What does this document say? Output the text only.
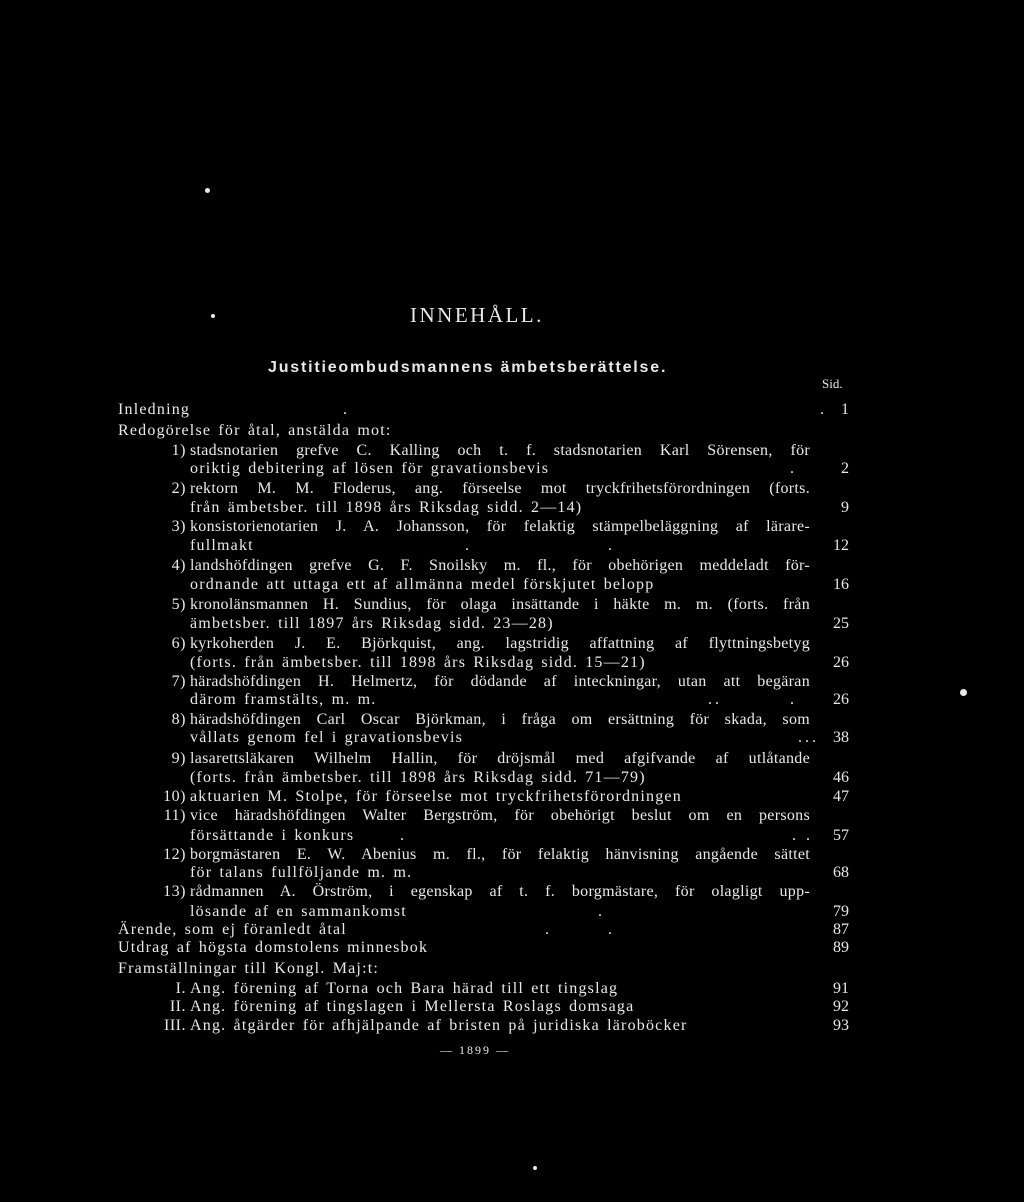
INNEHÅLL.
Justitieombudsmannens ämbetsberättelse.
Sid.
Inledning	.	. 1
Redogörelse för åtal, anstälda mot:
1) stadsnotarien grefve C. Kalling och t. f. stadsnotarien Karl Sörensen, för
oriktig debitering af lösen för gravationsbevis	.	2
2) rektorn M. M. Floderus, ang. förseelse mot tryckfrihetsförordningen (forts.
från ämbetsber. till 1898 års Riksdag sidd. 2—14)	9
3) konsistorienotarien J. A. Johansson, för felaktig stämpelbeläggning af lärare-
fullmakt	.	.	12
4) landshöfdingen grefve G. F. Snoilsky m. fl., för obehörigen meddeladt för-
ordnande att uttaga ett af allmänna medel förskjutet belopp	16
5) kronolänsmannen H. Sundius, för olaga insättande i häkte m. m. (forts. från
ämbetsber. till 1897 års Riksdag sidd. 23—28)	25
6) kyrkoherden J. E. Björkquist, ang. lagstridig affattning af flyttningsbetyg
(forts. från ämbetsber. till 1898 års Riksdag sidd. 15—21)	26
7) häradshöfdingen H. Helmertz, för dödande af inteckningar, utan att begäran
därom framstälts, m. m.	..	. 26
8) häradshöfdingen Carl Oscar Björkman, i fråga om ersättning för skada, som
vållats genom fel i gravationsbevis	... 38
9) lasarettsläkaren Wilhelm Hallin, för dröjsmål med afgifvande af utlåtande
(forts. från ämbetsber. till 1898 års Riksdag sidd. 71—79)	46
10) aktuarien M. Stolpe, för förseelse mot tryckfrihetsförordningen	47
11) vice häradshöfdingen Walter Bergström, för obehörigt beslut om en persons
försättande i konkurs	.	. . 57
12) borgmästaren E. W. Abenius m. fl., för felaktig hänvisning angående sättet
för talans fullföljande m. m.	68
13) rådmannen A. Örström, i egenskap af t. f. borgmästare, för olagligt upp-
lösande af en sammankomst	.	79
Ärende, som ej föranledt åtal	.	.	87
Utdrag af högsta domstolens minnesbok	89
Framställningar till Kongl. Maj:t:
I. Ang. förening af Torna och Bara härad till ett tingslag	91
II. Ang. förening af tingslagen i Mellersta Roslags domsaga	92
III. Ang. åtgärder för afhjälpande af bristen på juridiska läroböcker	93
— 1899 —
